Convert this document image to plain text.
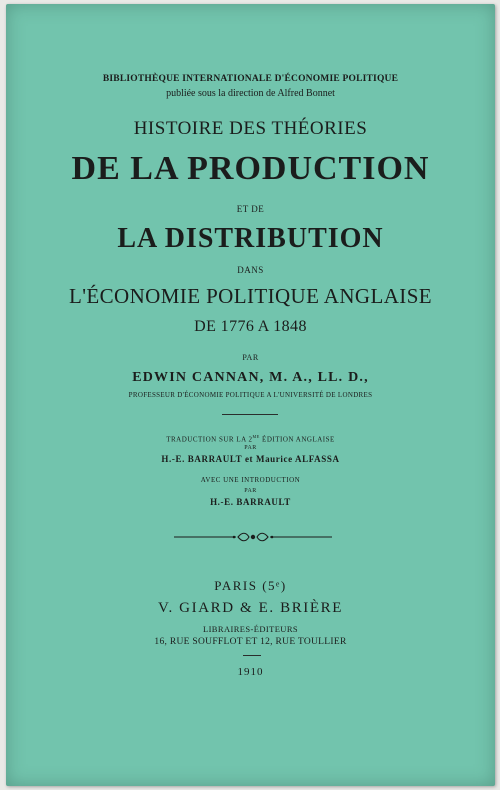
BIBLIOTHÈQUE INTERNATIONALE D'ÉCONOMIE POLITIQUE
publiée sous la direction de Alfred Bonnet
HISTOIRE DES THÉORIES
DE LA PRODUCTION
ET DE
LA DISTRIBUTION
DANS
L'ÉCONOMIE POLITIQUE ANGLAISE
DE 1776 A 1848
PAR
EDWIN CANNAN, M. A., LL. D.,
PROFESSEUR D'ÉCONOMIE POLITIQUE A L'UNIVERSITÉ DE LONDRES
TRADUCTION SUR LA $2^{ME}$ ÉDITION ANGLAISE
PAR
H.-E. BARRAULT et Maurice ALFASSA
AVEC UNE INTRODUCTION
PAR
H.-E. BARRAULT
PARIS (5ᵉ)
V. GIARD & E. BRIÈRE
LIBRAIRES-ÉDITEURS
16, RUE SOUFFLOT ET 12, RUE TOULLIER
1910
